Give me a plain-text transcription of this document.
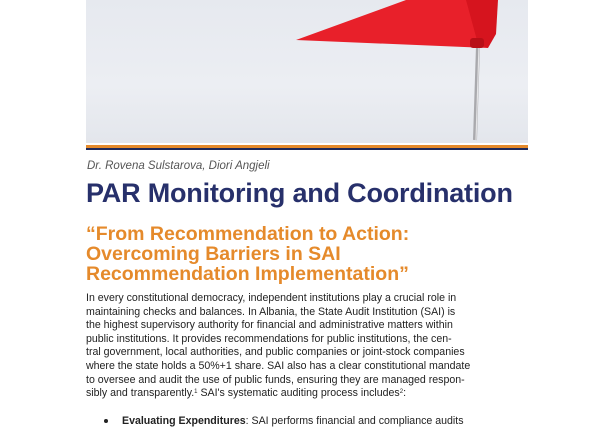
Dr. Rovena Sulstarova, Diori Angjeli
PAR Monitoring and Coordination
“From Recommendation to Action:
Overcoming Barriers in SAI
Recommendation Implementation”
In every constitutional democracy, independent institutions play a crucial role in
maintaining checks and balances. In Albania, the State Audit Institution (SAI) is
the highest supervisory authority for financial and administrative matters within
public institutions. It provides recommendations for public institutions, the cen-
tral government, local authorities, and public companies or joint-stock companies
where the state holds a 50%+1 share. SAI also has a clear constitutional mandate
to oversee and audit the use of public funds, ensuring they are managed respon-
sibly and transparently.$^1$ SAI's systematic auditing process includes$^2$:
Evaluating Expenditures: SAI performs financial and compliance audits
